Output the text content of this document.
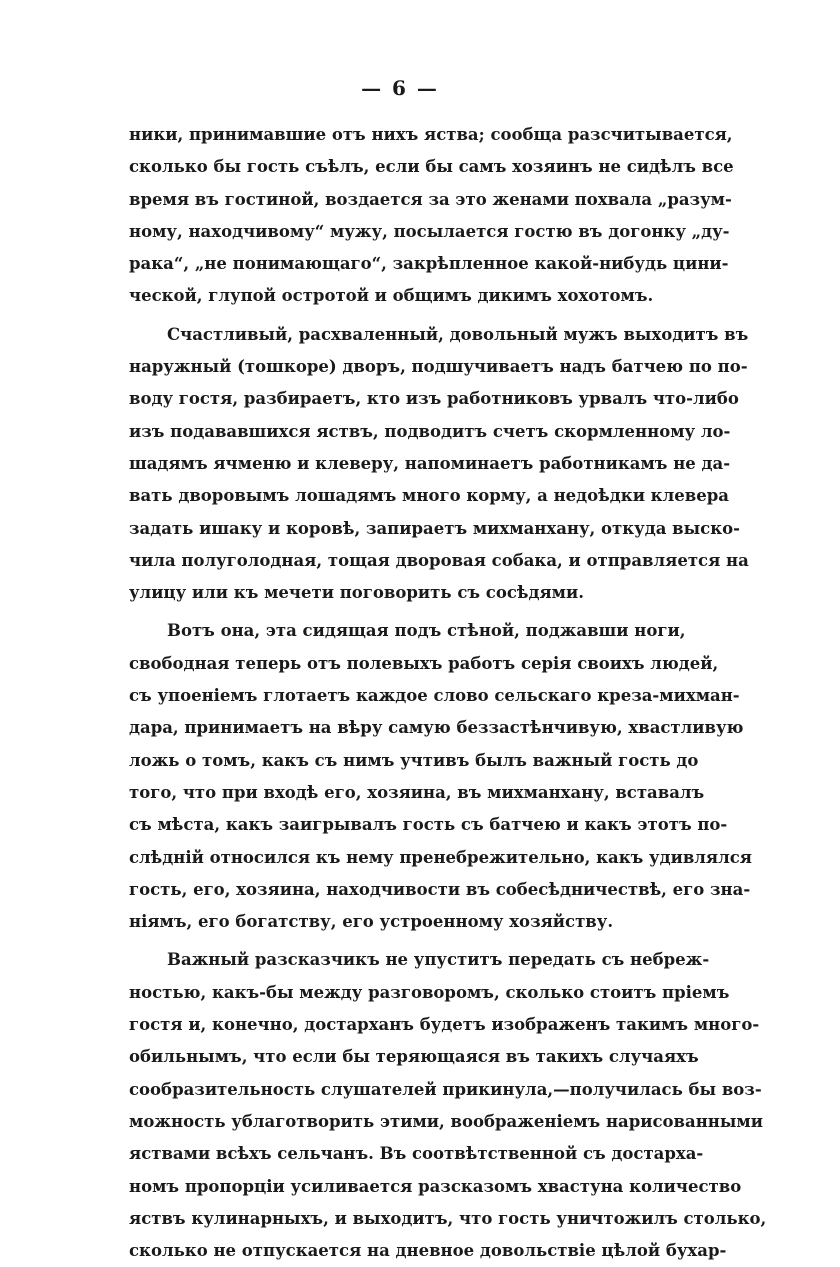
— 6 —
ники, принимавшие отъ нихъ яства; сообща разсчитывается,
сколько бы гость съѣлъ, если бы самъ хозяинъ не сидѣлъ все
время въ гостиной, воздается за это женами похвала „разум-
ному, находчивому“ мужу, посылается гостю въ догонку „ду-
рака“, „не понимающаго“, закрѣпленное какой-нибудь цини-
ческой, глупой остротой и общимъ дикимъ хохотомъ.
Счастливый, расхваленный, довольный мужъ выходитъ въ
наружный (тошкоре) дворъ, подшучиваетъ надъ батчею по по-
воду гостя, разбираетъ, кто изъ работниковъ урвалъ что-либо
изъ подававшихся яствъ, подводитъ счетъ скормленному ло-
шадямъ ячменю и клеверу, напоминаетъ работникамъ не да-
вать дворовымъ лошадямъ много корму, а недоѣдки клевера
задать ишаку и коровѣ, запираетъ михманхану, откуда выско-
чила полуголодная, тощая дворовая собака, и отправляется на
улицу или къ мечети поговорить съ сосѣдями.
Вотъ она, эта сидящая подъ стѣной, поджавши ноги,
свободная теперь отъ полевыхъ работъ серія своихъ людей,
съ упоеніемъ глотаетъ каждое слово сельскаго креза-михман-
дара, принимаетъ на вѣру самую беззастѣнчивую, хвастливую
ложь о томъ, какъ съ нимъ учтивъ былъ важный гость до
того, что при входѣ его, хозяина, въ михманхану, вставалъ
съ мѣста, какъ заигрывалъ гость съ батчею и какъ этотъ по-
слѣдній относился къ нему пренебрежительно, какъ удивлялся
гость, его, хозяина, находчивости въ собесѣдничествѣ, его зна-
ніямъ, его богатству, его устроенному хозяйству.
Важный разсказчикъ не упуститъ передать съ небреж-
ностью, какъ-бы между разговоромъ, сколько стоитъ пріемъ
гостя и, конечно, достарханъ будетъ изображенъ такимъ много-
обильнымъ, что если бы теряющаяся въ такихъ случаяхъ
сообразительность слушателей прикинула,—получилась бы воз-
можность ублаготворить этими, воображеніемъ нарисованными
яствами всѣхъ сельчанъ. Въ соотвѣтственной съ достарха-
номъ пропорціи усиливается разсказомъ хвастуна количество
яствъ кулинарныхъ, и выходитъ, что гость уничтожилъ столько,
сколько не отпускается на дневное довольствіе цѣлой бухар-
